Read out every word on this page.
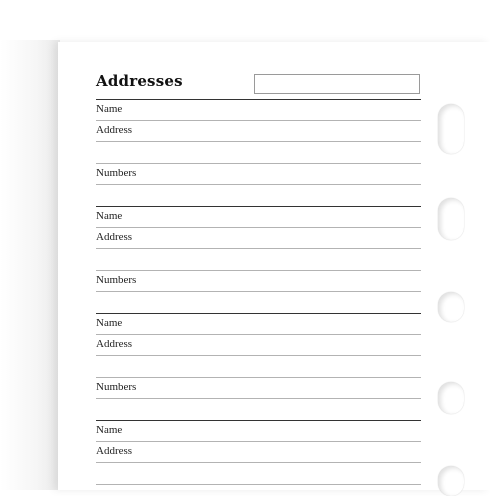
Addresses
Name
Address
Numbers
Name
Address
Numbers
Name
Address
Numbers
Name
Address
